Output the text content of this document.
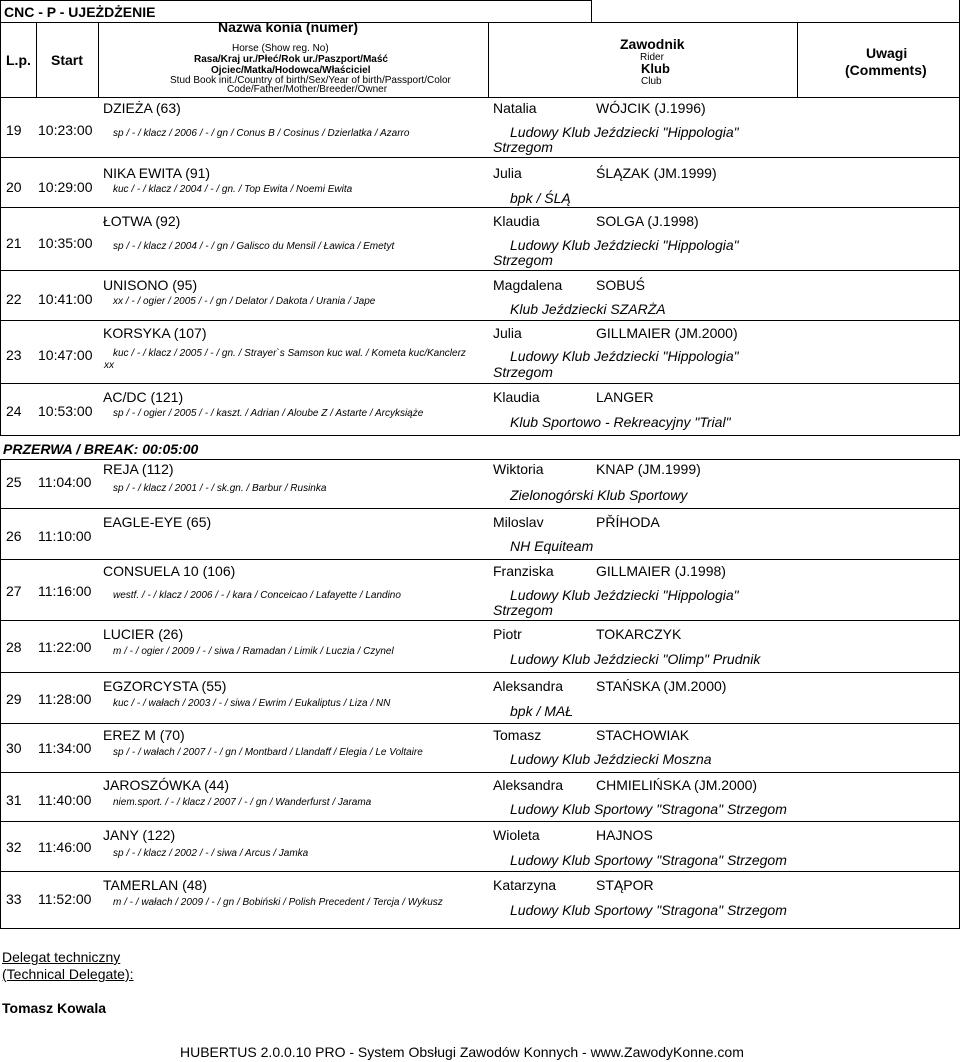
CNC - P - UJEŻDŻENIE
L.p. Start
Nazwa konia (numer)
Horse (Show reg. No)
Rasa/Kraj ur./Płeć/Rok ur./Paszport/Maść
Ojciec/Matka/Hodowca/Właściciel
Stud Book init./Country of birth/Sex/Year of birth/Passport/Color
Code/Father/Mother/Breeder/Owner
Zawodnik
Rider
Klub
Club
Uwagi
(Comments)
19 10:23:00
DZIEŻA (63)
sp / - / klacz / 2006 / - / gn / Conus B / Cosinus / Dzierlatka / Azarro
Natalia	WÓJCIK (J.1996)
Ludowy Klub Jeździecki "Hippologia"
Strzegom
20 10:29:00
NIKA EWITA (91)
kuc / - / klacz / 2004 / - / gn. / Top Ewita / Noemi Ewita
Julia	ŚLĄZAK (JM.1999)
bpk / ŚLĄ
21 10:35:00
ŁOTWA (92)
sp / - / klacz / 2004 / - / gn / Galisco du Mensil / Ławica / Emetyt
Klaudia	SOLGA (J.1998)
Ludowy Klub Jeździecki "Hippologia"
Strzegom
22 10:41:00
UNISONO (95)
xx / - / ogier / 2005 / - / gn / Delator / Dakota / Urania / Jape
Magdalena SOBUŚ
Klub Jeździecki SZARŻA
23 10:47:00
KORSYKA (107)
kuc / - / klacz / 2005 / - / gn. / Strayer`s Samson kuc wal. / Kometa kuc/Kanclerz
xx
Julia	GILLMAIER (JM.2000)
Ludowy Klub Jeździecki "Hippologia"
Strzegom
24 10:53:00
AC/DC (121)
sp / - / ogier / 2005 / - / kaszt. / Adrian / Aloube Z / Astarte / Arcyksiąże
Klaudia	LANGER
Klub Sportowo - Rekreacyjny "Trial"
PRZERWA / BREAK: 00:05:00
25 11:04:00
REJA (112)
sp / - / klacz / 2001 / - / sk.gn. / Barbur / Rusinka
Wiktoria	KNAP (JM.1999)
Zielonogórski Klub Sportowy
26 11:10:00
EAGLE-EYE (65)	Miloslav	PŘÍHODA
NH Equiteam
27 11:16:00
CONSUELA 10 (106)
westf. / - / klacz / 2006 / - / kara / Conceicao / Lafayette / Landino
Franziska	GILLMAIER (J.1998)
Ludowy Klub Jeździecki "Hippologia"
Strzegom
28 11:22:00
LUCIER (26)
m / - / ogier / 2009 / - / siwa / Ramadan / Limik / Luczia / Czynel
Piotr	TOKARCZYK
Ludowy Klub Jeździecki "Olimp" Prudnik
29 11:28:00
EGZORCYSTA (55)
kuc / - / wałach / 2003 / - / siwa / Ewrim / Eukaliptus / Liza / NN
Aleksandra STAŃSKA (JM.2000)
bpk / MAŁ
30 11:34:00
EREZ M (70)
sp / - / wałach / 2007 / - / gn / Montbard / Llandaff / Elegia / Le Voltaire
Tomasz	STACHOWIAK
Ludowy Klub Jeździecki Moszna
31 11:40:00
JAROSZÓWKA (44)
niem.sport. / - / klacz / 2007 / - / gn / Wanderfurst / Jarama
Aleksandra CHMIELIŃSKA (JM.2000)
Ludowy Klub Sportowy "Stragona" Strzegom
32 11:46:00
JANY (122)
sp / - / klacz / 2002 / - / siwa / Arcus / Jamka
Wioleta	HAJNOS
Ludowy Klub Sportowy "Stragona" Strzegom
33 11:52:00
TAMERLAN (48)
m / - / wałach / 2009 / - / gn / Bobiński / Polish Precedent / Tercja / Wykusz
Katarzyna	STĄPOR
Ludowy Klub Sportowy "Stragona" Strzegom
Delegat techniczny
(Technical Delegate):
Tomasz Kowala
HUBERTUS 2.0.0.10 PRO - System Obsługi Zawodów Konnych - www.ZawodyKonne.com
